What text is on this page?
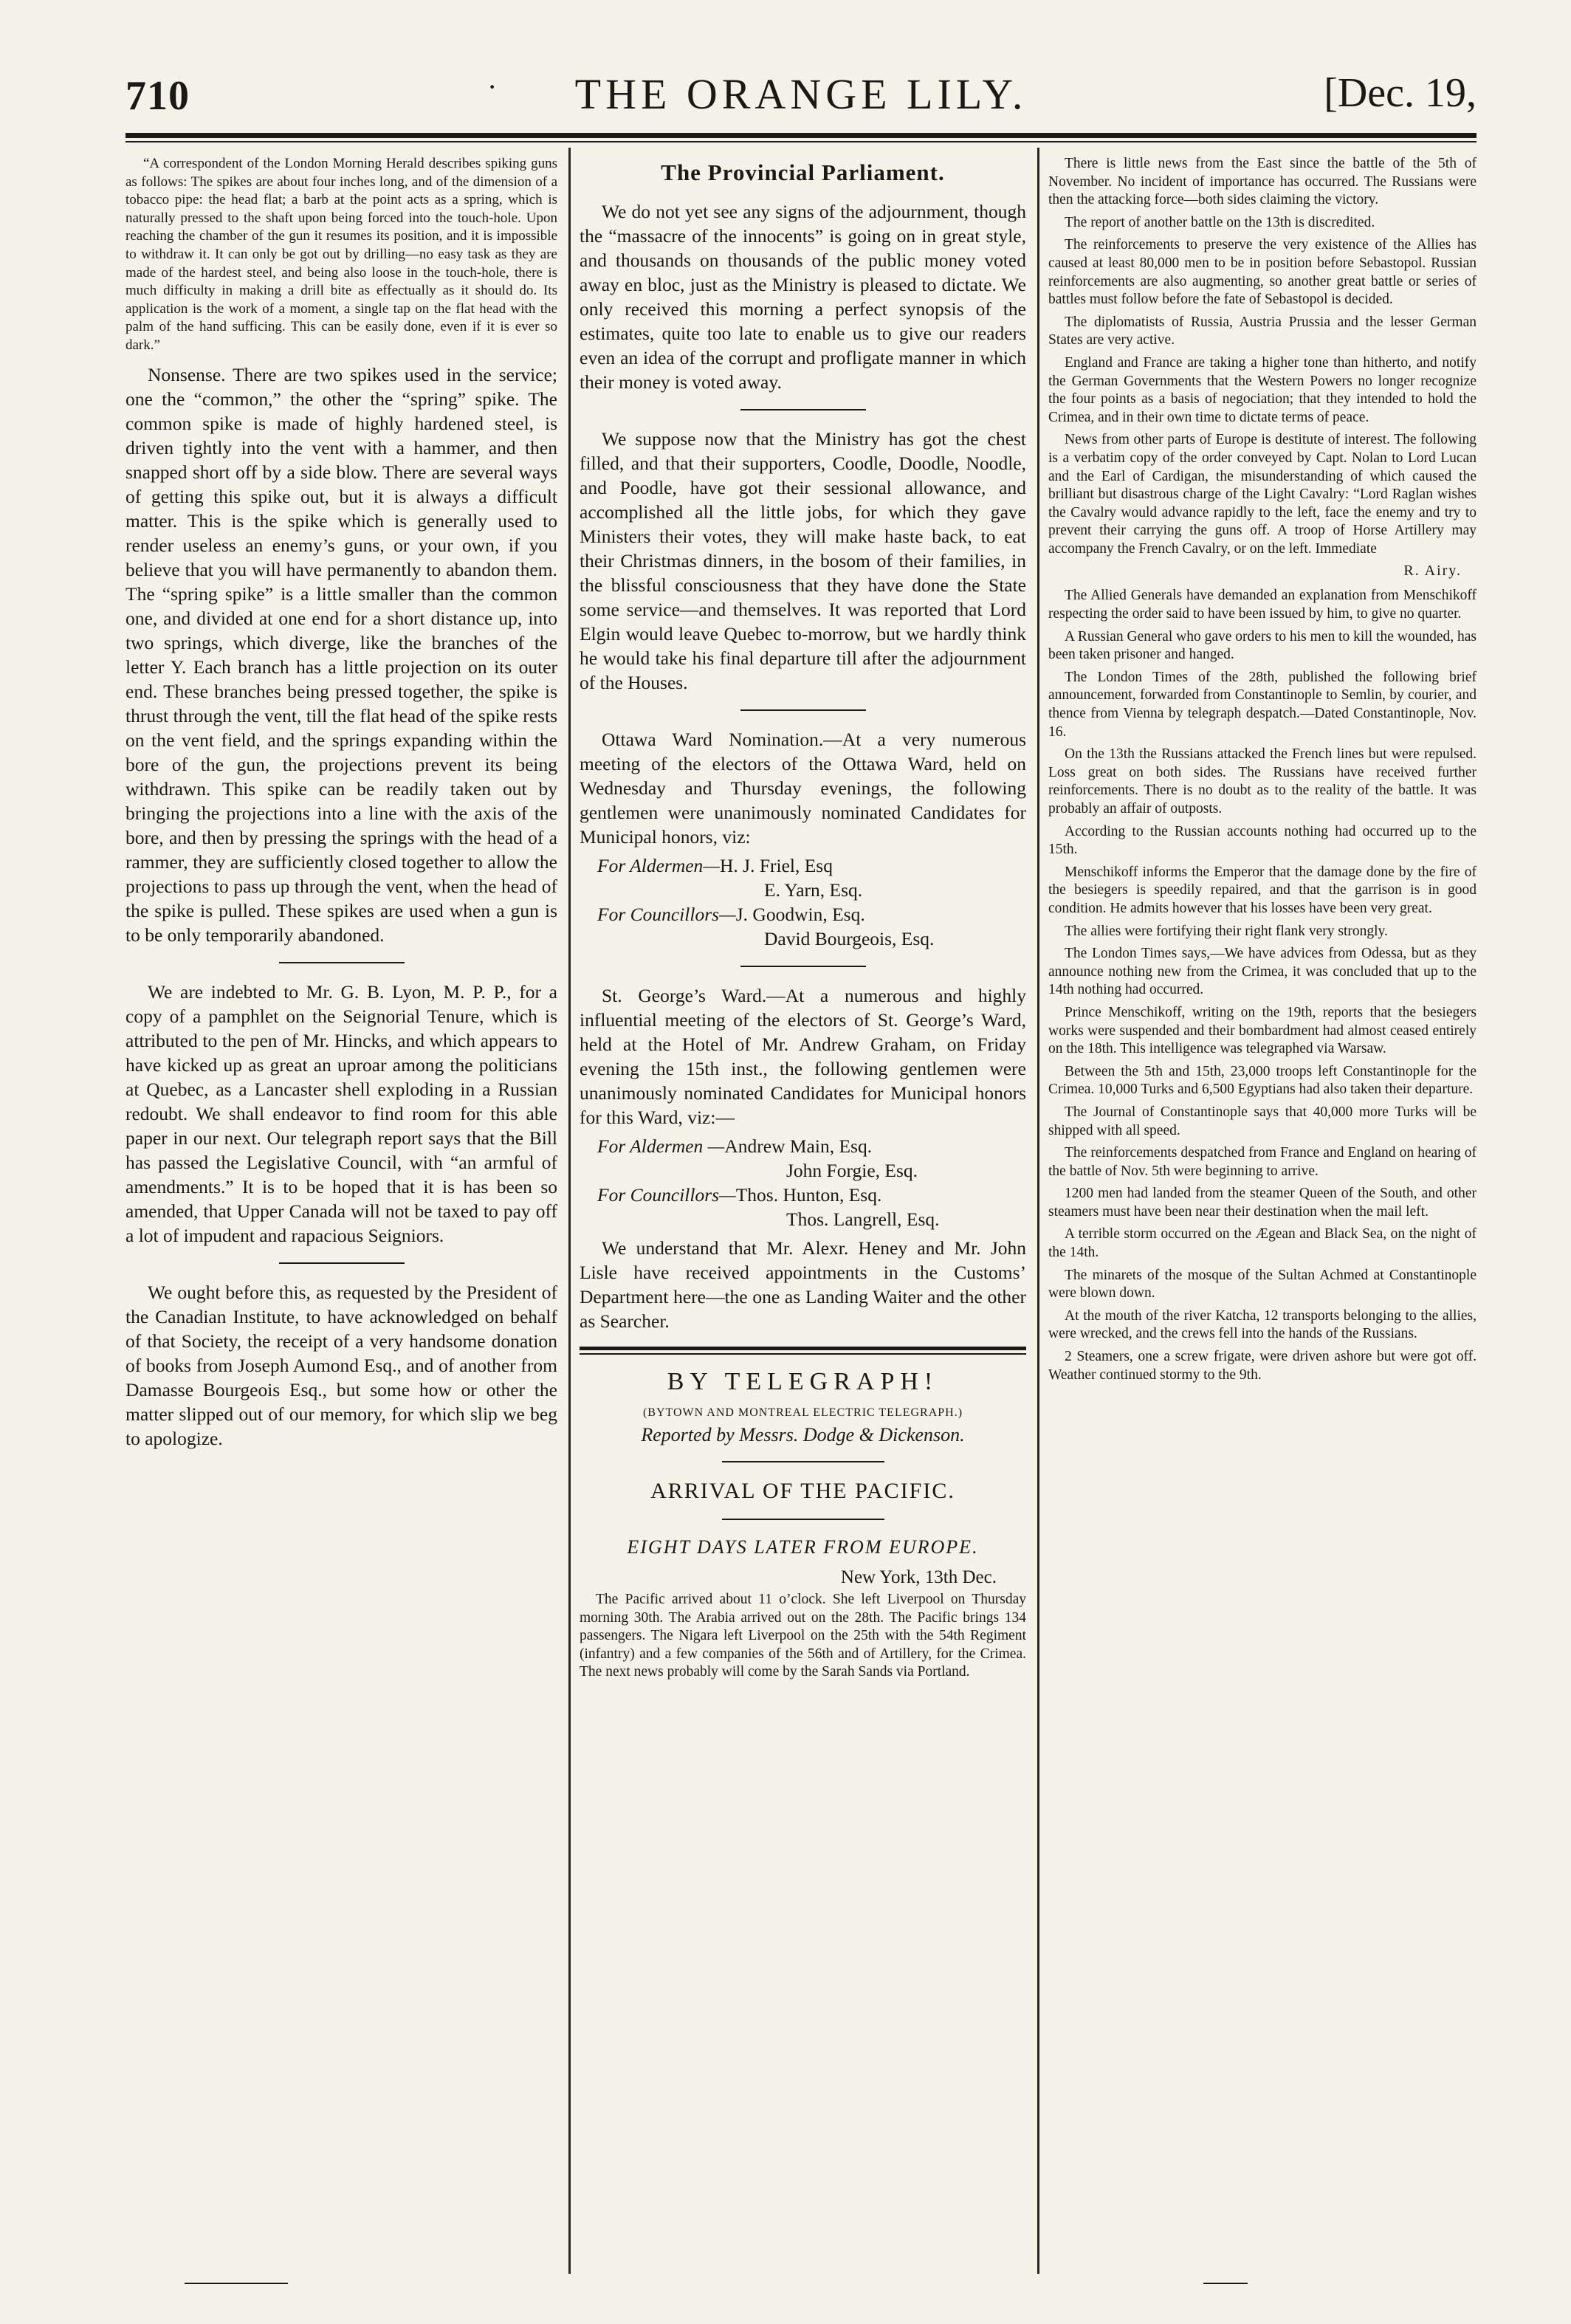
710	·	THE ORANGE LILY.	[Dec. 19,

“A correspondent of the London Morning Herald describes spiking guns as follows: The spikes are about four inches long, and of the dimension of a tobacco pipe: the head flat; a barb at the point acts as a spring, which is naturally pressed to the shaft upon being forced into the touch-hole. Upon reaching the chamber of the gun it resumes its position, and it is impossible to withdraw it. It can only be got out by drilling—no easy task as they are made of the hardest steel, and being also loose in the touch-hole, there is much difficulty in making a drill bite as effectually as it should do. Its application is the work of a moment, a single tap on the flat head with the palm of the hand sufficing. This can be easily done, even if it is ever so dark.”

Nonsense. There are two spikes used in the service; one the “common,” the other the “spring” spike. The common spike is made of highly hardened steel, is driven tightly into the vent with a hammer, and then snapped short off by a side blow. There are several ways of getting this spike out, but it is always a difficult matter. This is the spike which is generally used to render useless an enemy’s guns, or your own, if you believe that you will have permanently to abandon them. The “spring spike” is a little smaller than the common one, and divided at one end for a short distance up, into two springs, which diverge, like the branches of the letter Y. Each branch has a little projection on its outer end. These branches being pressed together, the spike is thrust through the vent, till the flat head of the spike rests on the vent field, and the springs expanding within the bore of the gun, the projections prevent its being withdrawn. This spike can be readily taken out by bringing the projections into a line with the axis of the bore, and then by pressing the springs with the head of a rammer, they are sufficiently closed together to allow the projections to pass up through the vent, when the head of the spike is pulled. These spikes are used when a gun is to be only temporarily abandoned.

We are indebted to Mr. G. B. Lyon, M. P. P., for a copy of a pamphlet on the Seignorial Tenure, which is attributed to the pen of Mr. Hincks, and which appears to have kicked up as great an uproar among the politicians at Quebec, as a Lancaster shell exploding in a Russian redoubt. We shall endeavor to find room for this able paper in our next. Our telegraph report says that the Bill has passed the Legislative Council, with “an armful of amendments.” It is to be hoped that it is has been so amended, that Upper Canada will not be taxed to pay off a lot of impudent and rapacious Seigniors.

We ought before this, as requested by the President of the Canadian Institute, to have acknowledged on behalf of that Society, the receipt of a very handsome donation of books from Joseph Aumond Esq., and of another from Damasse Bourgeois Esq., but some how or other the matter slipped out of our memory, for which slip we beg to apologize.

The Provincial Parliament.

We do not yet see any signs of the adjournment, though the “massacre of the innocents” is going on in great style, and thousands on thousands of the public money voted away en bloc, just as the Ministry is pleased to dictate. We only received this morning a perfect synopsis of the estimates, quite too late to enable us to give our readers even an idea of the corrupt and profligate manner in which their money is voted away.

We suppose now that the Ministry has got the chest filled, and that their supporters, Coodle, Doodle, Noodle, and Poodle, have got their sessional allowance, and accomplished all the little jobs, for which they gave Ministers their votes, they will make haste back, to eat their Christmas dinners, in the bosom of their families, in the blissful consciousness that they have done the State some service—and themselves. It was reported that Lord Elgin would leave Quebec to-morrow, but we hardly think he would take his final departure till after the adjournment of the Houses.

Ottawa Ward Nomination.—At a very numerous meeting of the electors of the Ottawa Ward, held on Wednesday and Thursday evenings, the following gentlemen were unanimously nominated Candidates for Municipal honors, viz:

For Aldermen—H. J. Friel, Esq
E. Yarn, Esq.
For Councillors—J. Goodwin, Esq.
David Bourgeois, Esq.

St. George’s Ward.—At a numerous and highly influential meeting of the electors of St. George’s Ward, held at the Hotel of Mr. Andrew Graham, on Friday evening the 15th inst., the following gentlemen were unanimously nominated Candidates for Municipal honors for this Ward, viz:—

For Aldermen —Andrew Main, Esq.
John Forgie, Esq.
For Councillors—Thos. Hunton, Esq.
Thos. Langrell, Esq.

We understand that Mr. Alexr. Heney and Mr. John Lisle have received appointments in the Customs’ Department here—the one as Landing Waiter and the other as Searcher.

BY TELEGRAPH!
(BYTOWN AND MONTREAL ELECTRIC TELEGRAPH.)
Reported by Messrs. Dodge & Dickenson.
ARRIVAL OF THE PACIFIC.
EIGHT DAYS LATER FROM EUROPE.
New York, 13th Dec.

The Pacific arrived about 11 o’clock. She left Liverpool on Thursday morning 30th. The Arabia arrived out on the 28th. The Pacific brings 134 passengers. The Nigara left Liverpool on the 25th with the 54th Regiment (infantry) and a few companies of the 56th and of Artillery, for the Crimea. The next news probably will come by the Sarah Sands via Portland.

There is little news from the East since the battle of the 5th of November. No incident of importance has occurred. The Russians were then the attacking force—both sides claiming the victory.

The report of another battle on the 13th is discredited.

The reinforcements to preserve the very existence of the Allies has caused at least 80,000 men to be in position before Sebastopol. Russian reinforcements are also augmenting, so another great battle or series of battles must follow before the fate of Sebastopol is decided.

The diplomatists of Russia, Austria Prussia and the lesser German States are very active.

England and France are taking a higher tone than hitherto, and notify the German Governments that the Western Powers no longer recognize the four points as a basis of negociation; that they intended to hold the Crimea, and in their own time to dictate terms of peace.

News from other parts of Europe is destitute of interest. The following is a verbatim copy of the order conveyed by Capt. Nolan to Lord Lucan and the Earl of Cardigan, the misunderstanding of which caused the brilliant but disastrous charge of the Light Cavalry: “Lord Raglan wishes the Cavalry would advance rapidly to the left, face the enemy and try to prevent their carrying the guns off. A troop of Horse Artillery may accompany the French Cavalry, or on the left. Immediate

R. Airy.

The Allied Generals have demanded an explanation from Menschikoff respecting the order said to have been issued by him, to give no quarter.

A Russian General who gave orders to his men to kill the wounded, has been taken prisoner and hanged.

The London Times of the 28th, published the following brief announcement, forwarded from Constantinople to Semlin, by courier, and thence from Vienna by telegraph despatch.—Dated Constantinople, Nov. 16.

On the 13th the Russians attacked the French lines but were repulsed. Loss great on both sides. The Russians have received further reinforcements. There is no doubt as to the reality of the battle. It was probably an affair of outposts.

According to the Russian accounts nothing had occurred up to the 15th.

Menschikoff informs the Emperor that the damage done by the fire of the besiegers is speedily repaired, and that the garrison is in good condition. He admits however that his losses have been very great.

The allies were fortifying their right flank very strongly.

The London Times says,—We have advices from Odessa, but as they announce nothing new from the Crimea, it was concluded that up to the 14th nothing had occurred.

Prince Menschikoff, writing on the 19th, reports that the besiegers works were suspended and their bombardment had almost ceased entirely on the 18th. This intelligence was telegraphed via Warsaw.

Between the 5th and 15th, 23,000 troops left Constantinople for the Crimea. 10,000 Turks and 6,500 Egyptians had also taken their departure.

The Journal of Constantinople says that 40,000 more Turks will be shipped with all speed.

The reinforcements despatched from France and England on hearing of the battle of Nov. 5th were beginning to arrive.

1200 men had landed from the steamer Queen of the South, and other steamers must have been near their destination when the mail left.

A terrible storm occurred on the Ægean and Black Sea, on the night of the 14th.

The minarets of the mosque of the Sultan Achmed at Constantinople were blown down.

At the mouth of the river Katcha, 12 transports belonging to the allies, were wrecked, and the crews fell into the hands of the Russians.

2 Steamers, one a screw frigate, were driven ashore but were got off. Weather continued stormy to the 9th.
